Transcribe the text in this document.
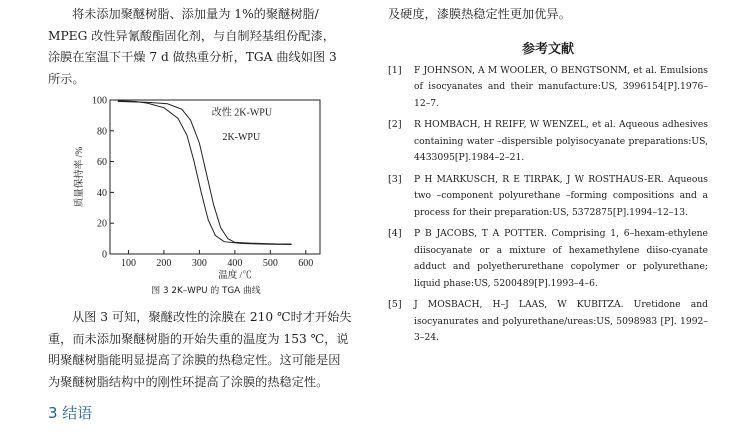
将未添加聚醚树脂、添加量为 1%的聚醚树脂/

MPEG 改性异氰酸酯固化剂，与自制羟基组份配漆，

涂膜在室温下干燥 7 d 做热重分析，TGA 曲线如图 3

所示。

100 200 300 400 500 600
100
80
60
40
20
0
温度 /℃
质量保持率 /%
改性 2K-WPU
2K-WPU
图 3 2K–WPU 的 TGA 曲线

从图 3 可知，聚醚改性的涂膜在 210 ℃时才开始失

重，而未添加聚醚树脂的开始失重的温度为 153 ℃，说

明聚醚树脂能明显提高了涂膜的热稳定性。这可能是因

为聚醚树脂结构中的刚性环提高了涂膜的热稳定性。

3 结语

及硬度，漆膜热稳定性更加优异。

参考文献
[1]	F JOHNSON, A M WOOLER, O BENGTSONM, et al. Emulsions of isocyanates and their manufacture:US, 3996154[P].1976–12–7.
[2]	R HOMBACH, H REIFF, W WENZEL, et al. Aqueous adhesives containing water –dispersible polyisocyanate preparations:US, 4433095[P].1984–2–21.
[3]	P H MARKUSCH, R E TIRPAK, J W ROSTHAUS-ER. Aqueous two –component polyurethane –forming compositions and a process for their preparation:US, 5372875[P].1994–12–13.
[4]	P B JACOBS, T A POTTER. Comprising 1, 6–hexam-ethylene diisocyanate or a mixture of hexamethylene diiso-cyanate adduct and polyetherurethane copolymer or polyurethane; liquid phase:US, 5200489[P].1993–4–6.
[5]	J MOSBACH, H–J LAAS, W KUBITZA. Uretidone and isocyanurates and polyurethane/ureas:US, 5098983 [P]. 1992–3–24.
